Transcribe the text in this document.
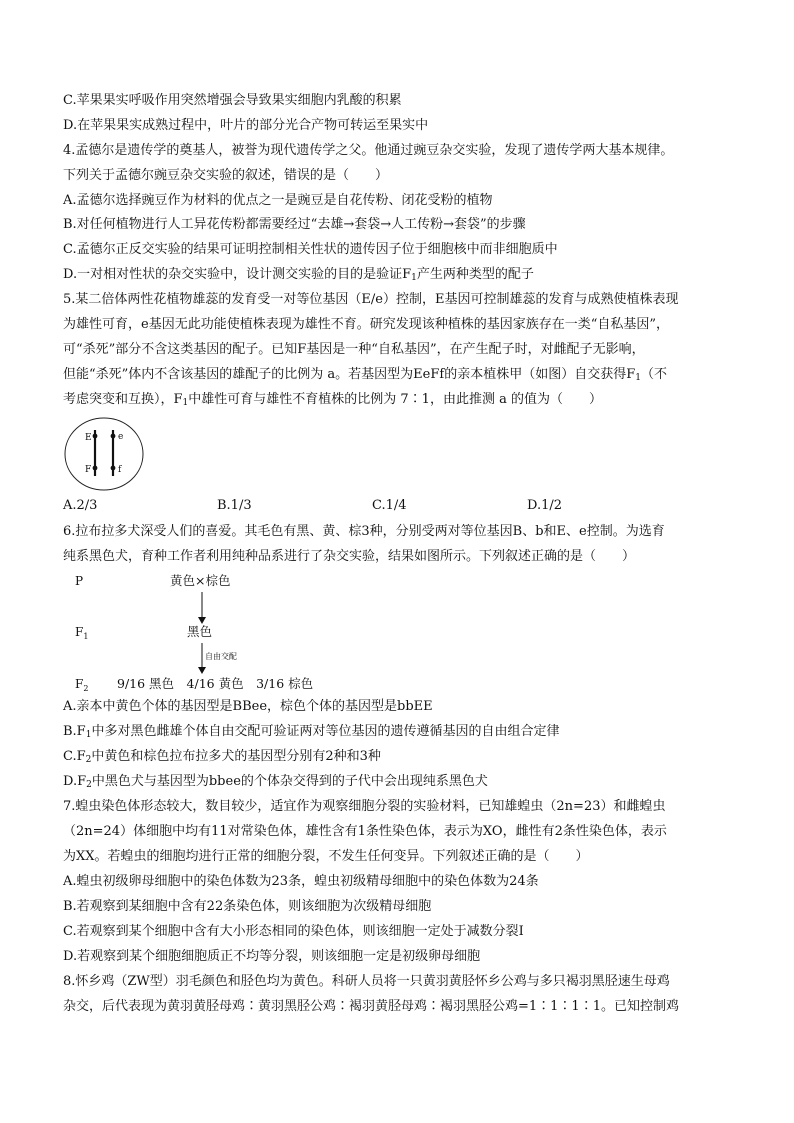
C.苹果果实呼吸作用突然增强会导致果实细胞内乳酸的积累
D.在苹果果实成熟过程中，叶片的部分光合产物可转运至果实中
4.孟德尔是遗传学的奠基人，被誉为现代遗传学之父。他通过豌豆杂交实验，发现了遗传学两大基本规律。
下列关于孟德尔豌豆杂交实验的叙述，错误的是（　　）
A.孟德尔选择豌豆作为材料的优点之一是豌豆是自花传粉、闭花受粉的植物
B.对任何植物进行人工异花传粉都需要经过“去雄→套袋→人工传粉→套袋”的步骤
C.孟德尔正反交实验的结果可证明控制相关性状的遗传因子位于细胞核中而非细胞质中
D.一对相对性状的杂交实验中，设计测交实验的目的是验证$F_1$产生两种类型的配子
5.某二倍体两性花植物雄蕊的发育受一对等位基因（E/e）控制，E基因可控制雄蕊的发育与成熟使植株表现
为雄性可育，e基因无此功能使植株表现为雄性不育。研究发现该种植株的基因家族存在一类“自私基因”，
可“杀死”部分不含这类基因的配子。已知F基因是一种“自私基因”，在产生配子时，对雌配子无影响，
但能“杀死”体内不含该基因的雄配子的比例为 a。若基因型为EeFf的亲本植株甲（如图）自交获得$F_1$（不
考虑突变和互换），$F_1$中雄性可育与雄性不育植株的比例为 7∶1，由此推测 a 的值为（　　）
E
F
e
f
A.2/3	B.1/3	C.1/4	D.1/2
6.拉布拉多犬深受人们的喜爱。其毛色有黑、黄、棕3种，分别受两对等位基因B、b和E、e控制。为选育
纯系黑色犬，育种工作者利用纯种品系进行了杂交实验，结果如图所示。下列叙述正确的是（　　）
P	黄色×棕色
$F_1$	黑色
自由交配
$F_2$ 9/16 黑色　4/16 黄色　3/16 棕色
A.亲本中黄色个体的基因型是BBee，棕色个体的基因型是bbEE
$B.F_1$中多对黑色雌雄个体自由交配可验证两对等位基因的遗传遵循基因的自由组合定律
$C.F_2$中黄色和棕色拉布拉多犬的基因型分别有2种和3种
$D.F_2$中黑色犬与基因型为bbee的个体杂交得到的子代中会出现纯系黑色犬
7.蝗虫染色体形态较大，数目较少，适宜作为观察细胞分裂的实验材料，已知雄蝗虫（2n=23）和雌蝗虫
（2n=24）体细胞中均有11对常染色体，雄性含有1条性染色体，表示为XO，雌性有2条性染色体，表示
为XX。若蝗虫的细胞均进行正常的细胞分裂，不发生任何变异。下列叙述正确的是（　　）
A.蝗虫初级卵母细胞中的染色体数为23条，蝗虫初级精母细胞中的染色体数为24条
B.若观察到某细胞中含有22条染色体，则该细胞为次级精母细胞
C.若观察到某个细胞中含有大小形态相同的染色体，则该细胞一定处于减数分裂Ⅰ
D.若观察到某个细胞细胞质正不均等分裂，则该细胞一定是初级卵母细胞
8.怀乡鸡（ZW型）羽毛颜色和胫色均为黄色。科研人员将一只黄羽黄胫怀乡公鸡与多只褐羽黑胫速生母鸡
杂交，后代表现为黄羽黄胫母鸡∶黄羽黑胫公鸡∶褐羽黄胫母鸡∶褐羽黑胫公鸡=1∶1∶1∶1。已知控制鸡
